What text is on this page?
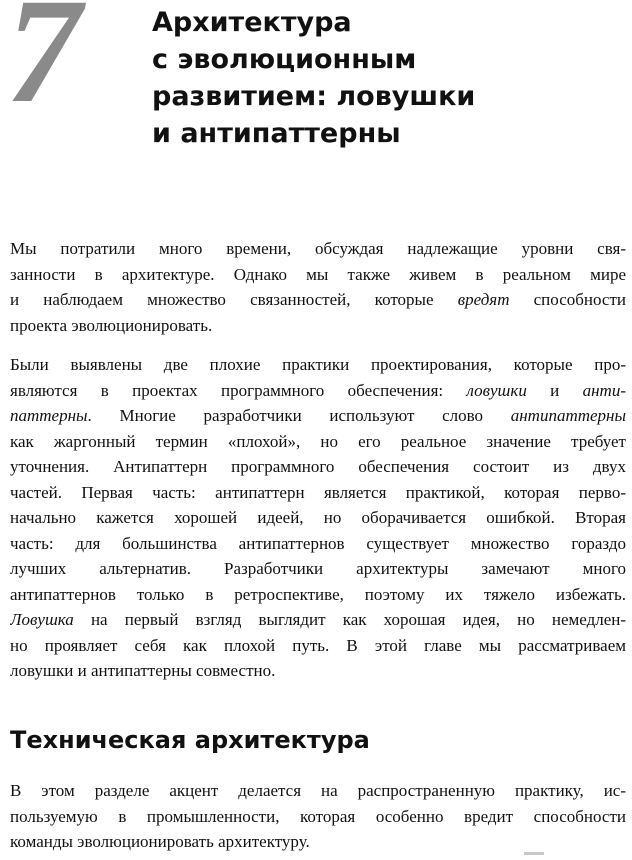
7	Архитектура
с эволюционным
развитием: ловушки
и антипаттерны

Мы потратили много времени, обсуждая надлежащие уровни свя-
занности в архитектуре. Однако мы также живем в реальном мире
и наблюдаем множество связанностей, которые вредят способности
проекта эволюционировать.

Были выявлены две плохие практики проектирования, которые про-
являются в проектах программного обеспечения: ловушки и анти-
паттерны. Многие разработчики используют слово антипаттерны
как жаргонный термин «плохой», но его реальное значение требует
уточнения. Антипаттерн программного обеспечения состоит из двух
частей. Первая часть: антипаттерн является практикой, которая перво-
начально кажется хорошей идеей, но оборачивается ошибкой. Вторая
часть: для большинства антипаттернов существует множество гораздо
лучших альтернатив. Разработчики архитектуры замечают много
антипаттернов только в ретроспективе, поэтому их тяжело избежать.
Ловушка на первый взгляд выглядит как хорошая идея, но немедлен-
но проявляет себя как плохой путь. В этой главе мы рассматриваем
ловушки и антипаттерны совместно.

Техническая архитектура

В этом разделе акцент делается на распространенную практику, ис-
пользуемую в промышленности, которая особенно вредит способности
команды эволюционировать архитектуру.
